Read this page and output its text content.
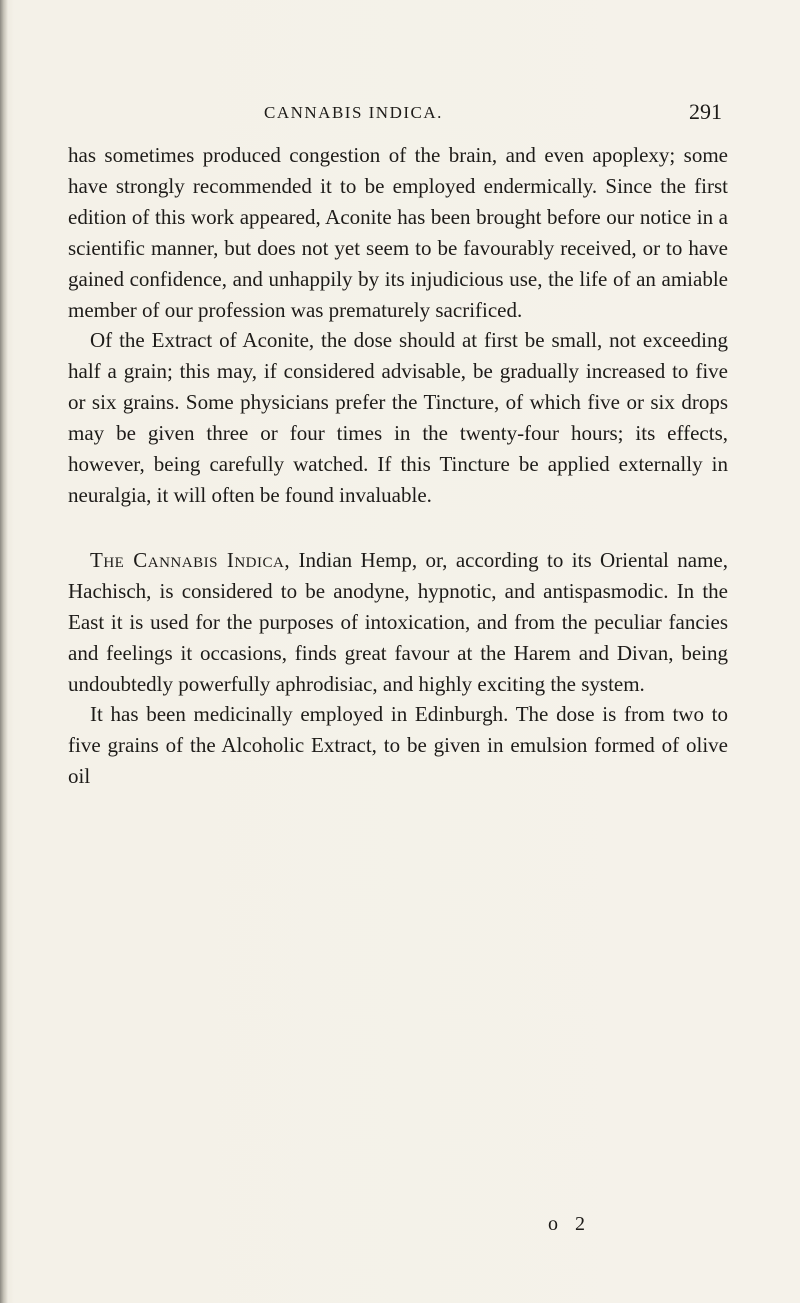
CANNABIS INDICA.	291

has sometimes produced congestion of the brain, and even apoplexy; some have strongly recommended it to be employed endermically. Since the first edition of this work appeared, Aconite has been brought before our notice in a scientific manner, but does not yet seem to be favourably received, or to have gained confidence, and unhappily by its injudicious use, the life of an amiable member of our profession was prematurely sacrificed.

Of the Extract of Aconite, the dose should at first be small, not exceeding half a grain; this may, if considered advisable, be gradually increased to five or six grains. Some physicians prefer the Tincture, of which five or six drops may be given three or four times in the twenty-four hours; its effects, however, being carefully watched. If this Tincture be applied externally in neuralgia, it will often be found invaluable.

The Cannabis Indica, Indian Hemp, or, according to its Oriental name, Hachisch, is considered to be anodyne, hypnotic, and antispasmodic. In the East it is used for the purposes of intoxication, and from the peculiar fancies and feelings it occasions, finds great favour at the Harem and Divan, being undoubtedly powerfully aphrodisiac, and highly exciting the system.

It has been medicinally employed in Edinburgh. The dose is from two to five grains of the Alcoholic Extract, to be given in emulsion formed of olive oil

o 2
